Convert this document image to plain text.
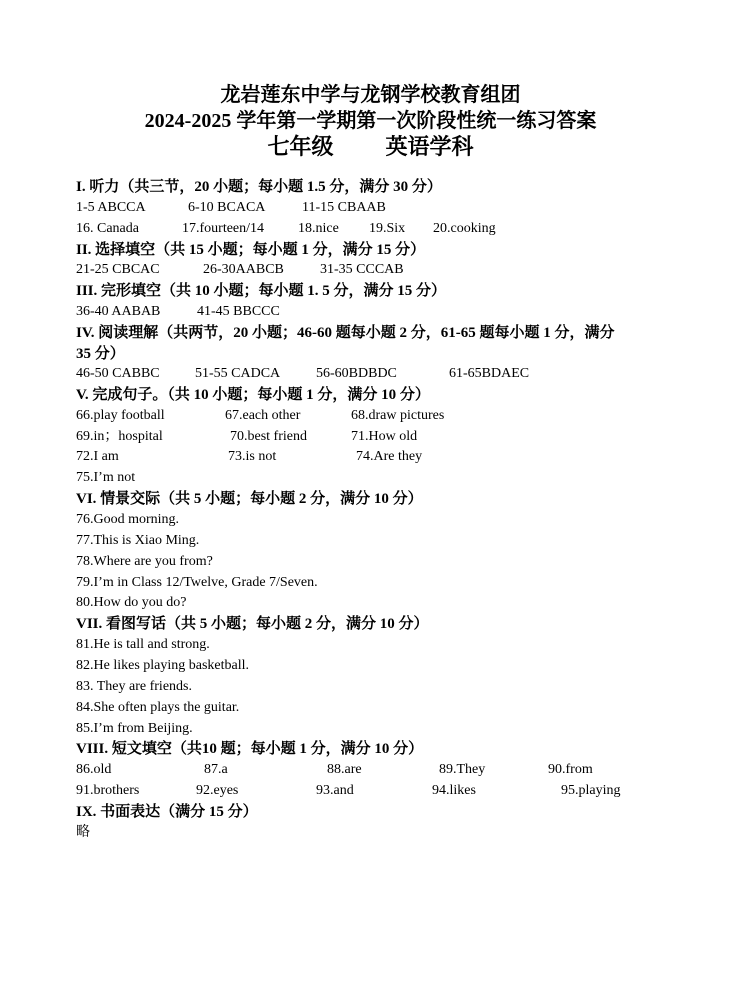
龙岩莲东中学与龙钢学校教育组团
2024-2025 学年第一学期第一次阶段性统一练习答案
七年级 英语学科
I. 听力（共三节，20 小题；每小题 1.5 分，满分 30 分）
1-5 ABCCA	6-10 BCACA	11-15 CBAAB
16. Canada	17.fourteen/14 18.nice 19.Six 20.cooking
II. 选择填空（共 15 小题；每小题 1 分，满分 15 分）
21-25 CBCAC	26-30AABCB	31-35 CCCAB
III. 完形填空（共 10 小题；每小题 1. 5 分，满分 15 分）
36-40 AABAB	41-45 BBCCC
IV. 阅读理解（共两节，20 小题；46-60 题每小题 2 分，61-65 题每小题 1 分，满分
35 分）
46-50 CABBC	51-55 CADCA	56-60BDBDC	61-65BDAEC
V. 完成句子。（共 10 小题；每小题 1 分，满分 10 分）
66.play football	67.each other	68.draw pictures
69.in；hospital	70.best friend	71.How old
72.I am	73.is not	74.Are they
75.I’m not
VI. 情景交际（共 5 小题；每小题 2 分，满分 10 分）
76.Good morning.
77.This is Xiao Ming.
78.Where are you from?
79.I’m in Class 12/Twelve, Grade 7/Seven.
80.How do you do?
VII. 看图写话（共 5 小题；每小题 2 分，满分 10 分）
81.He is tall and strong.
82.He likes playing basketball.
83. They are friends.
84.She often plays the guitar.
85.I’m from Beijing.
VIII. 短文填空（共10 题；每小题 1 分，满分 10 分）
86.old	87.a	88.are	89.They	90.from
91.brothers	92.eyes	93.and	94.likes	95.playing
IX. 书面表达（满分 15 分）
略
